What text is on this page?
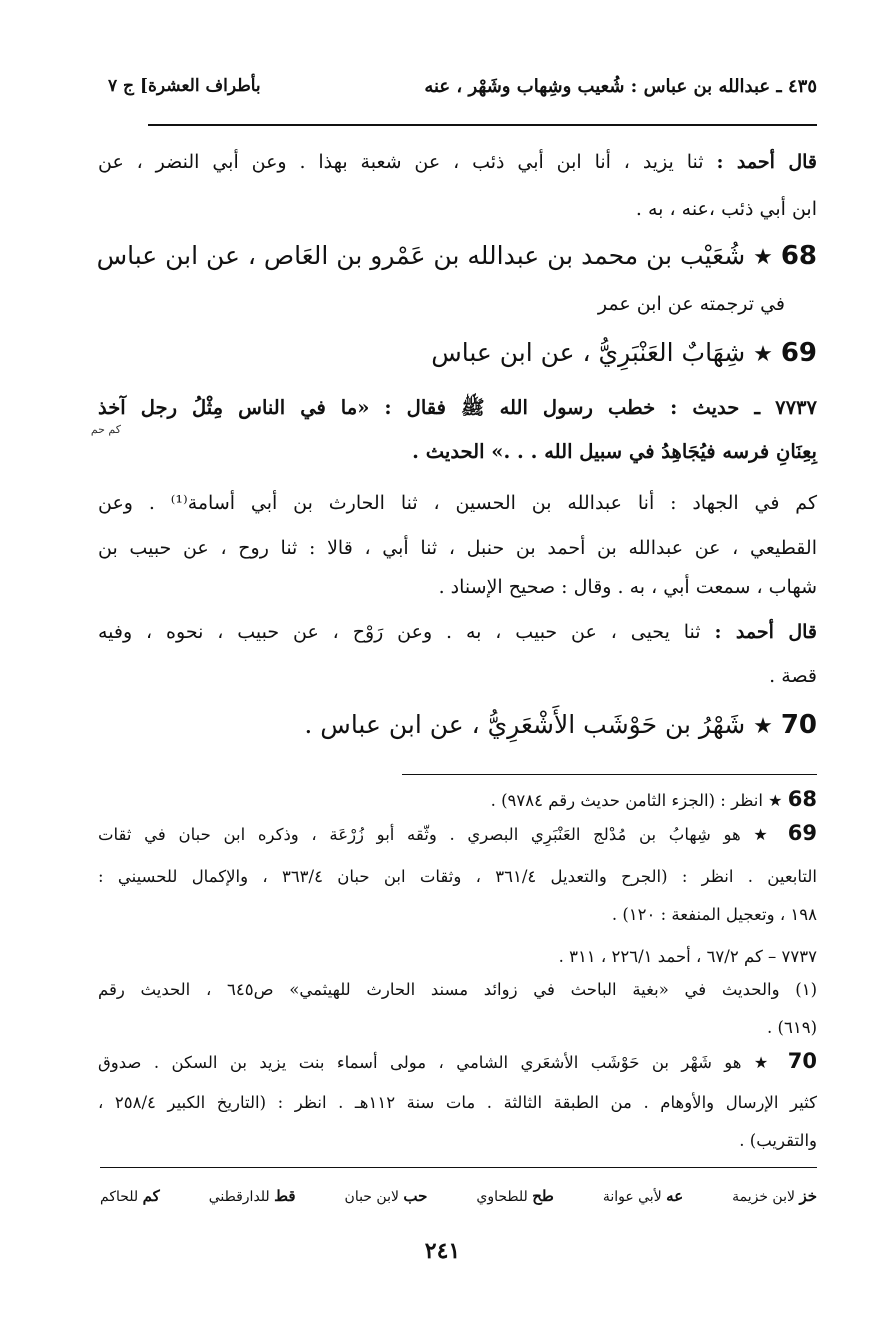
٤٣٥ ـ عبدالله بن عباس : شُعيب وشِهاب وشَهْر ، عنه
بأطراف العشرة] ج ٧
قال أحمد : ثنا يزيد ، أنا ابن أبي ذئب ، عن شعبة بهذا . وعن أبي النضر ، عن
ابن أبي ذئب ،عنه ، به .
68 ★ شُعَيْب بن محمد بن عبدالله بن عَمْرو بن العَاص ، عن ابن عباس
في ترجمته عن ابن عمر
69 ★ شِهَابٌ العَنْبَرِيُّ ، عن ابن عباس
٧٧٣٧ ـ حديث : خطب رسول الله ﷺ فقال : «ما في الناس مِثْلُ رجل آخذ
كم حم
بِعِنَانِ فرسه فيُجَاهِدُ في سبيل الله . . .» الحديث .
كم في الجهاد : أنا عبدالله بن الحسين ، ثنا الحارث بن أبي أسامة⁽¹⁾ . وعن
القطيعي ، عن عبدالله بن أحمد بن حنبل ، ثنا أبي ، قالا : ثنا روح ، عن حبيب بن
شهاب ، سمعت أبي ، به . وقال : صحيح الإسناد .
قال أحمد : ثنا يحيى ، عن حبيب ، به . وعن رَوْح ، عن حبيب ، نحوه ، وفيه
قصة .
70 ★ شَهْرُ بن حَوْشَب الأَشْعَرِيُّ ، عن ابن عباس .
68 ★ انظر : (الجزء الثامن حديث رقم ٩٧٨٤) .
69 ★ هو شِهابُ بن مُدْلج العَنْبَرِي البصري . وثّقه أبو زُرْعَة ، وذكره ابن حبان في ثقات
التابعين . انظر : (الجرح والتعديل ٣٦١/٤ ، وثقات ابن حبان ٣٦٣/٤ ، والإكمال للحسيني :
١٩٨ ، وتعجيل المنفعة : ١٢٠) .
٧٧٣٧ – كم ٦٧/٢ ، أحمد ٢٢٦/١ ، ٣١١ .
(١) والحديث في «بغية الباحث في زوائد مسند الحارث للهيثمي» ص٦٤٥ ، الحديث رقم
(٦١٩) .
70 ★ هو شَهْر بن حَوْشَب الأشعَري الشامي ، مولى أسماء بنت يزيد بن السكن . صدوق
كثير الإرسال والأوهام . من الطبقة الثالثة . مات سنة ١١٢هـ . انظر : (التاريخ الكبير ٢٥٨/٤ ،
والتقريب) .
خز لابن خزيمة
عه لأبي عوانة
طح للطحاوي
حب لابن حبان
قط للدارقطني
كم للحاكم
٢٤١
